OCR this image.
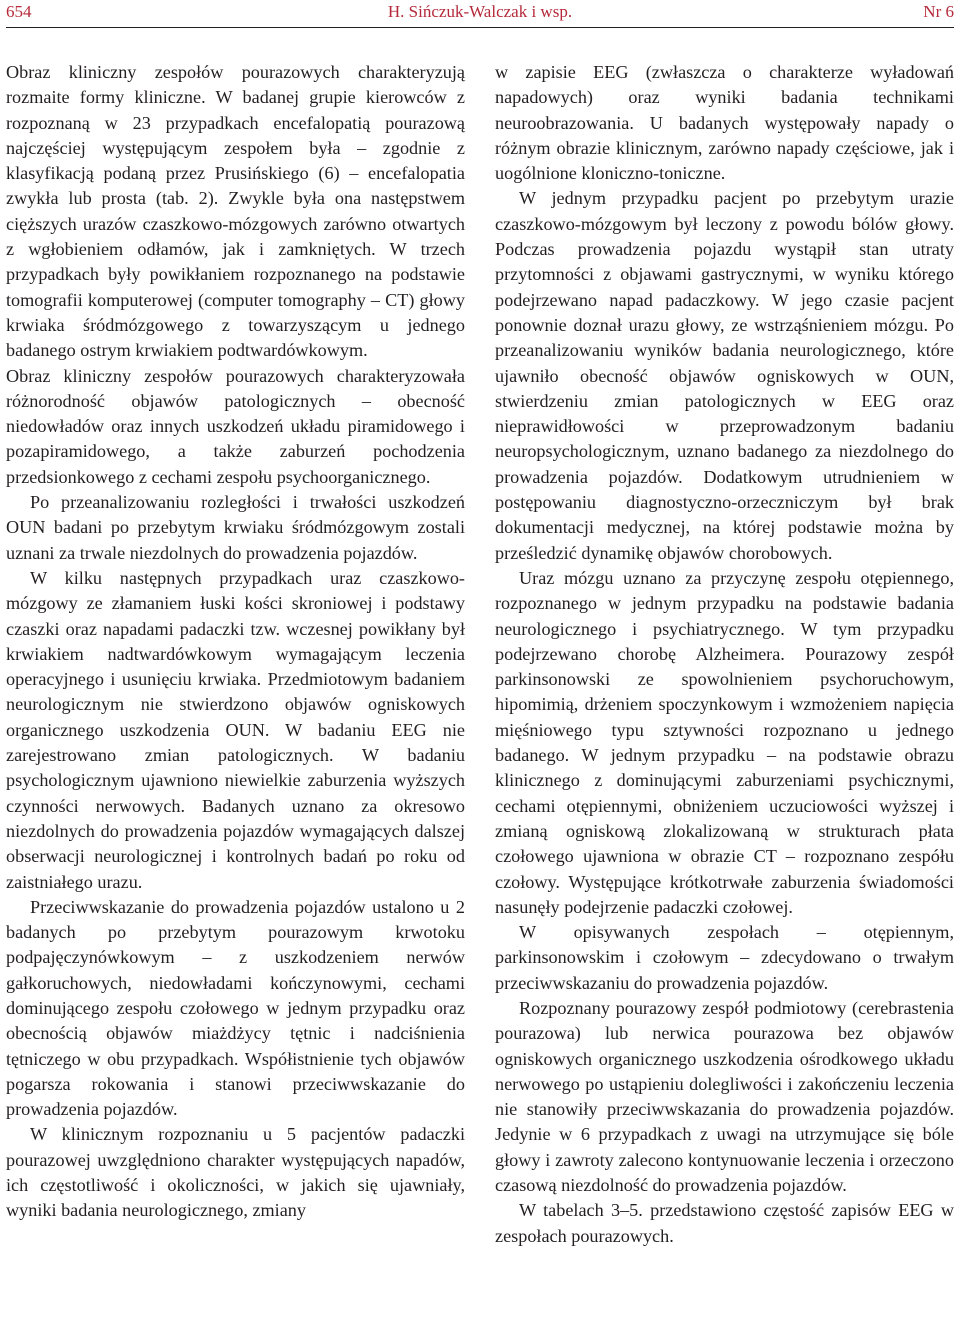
654	H. Sińczuk-Walczak i wsp.	Nr 6

Obraz kliniczny zespołów pourazowych charakteryzują rozmaite formy kliniczne. W badanej grupie kierowców z rozpoznaną w 23 przypadkach encefalopatią pourazową najczęściej występującym zespołem była – zgodnie z klasyfikacją podaną przez Prusińskiego (6) – encefalopatia zwykła lub prosta (tab. 2). Zwykle była ona następstwem cięższych urazów czaszkowo-mózgowych zarówno otwartych z wgłobieniem odłamów, jak i zamkniętych. W trzech przypadkach były powikłaniem rozpoznanego na podstawie tomografii komputerowej (computer tomography – CT) głowy krwiaka śródmózgowego z towarzyszącym u jednego badanego ostrym krwiakiem podtwardówkowym.

Obraz kliniczny zespołów pourazowych charakteryzowała różnorodność objawów patologicznych – obecność niedowładów oraz innych uszkodzeń układu piramidowego i pozapiramidowego, a także zaburzeń pochodzenia przedsionkowego z cechami zespołu psychoorganicznego.

Po przeanalizowaniu rozległości i trwałości uszkodzeń OUN badani po przebytym krwiaku śródmózgowym zostali uznani za trwale niezdolnych do prowadzenia pojazdów.

W kilku następnych przypadkach uraz czaszkowo-mózgowy ze złamaniem łuski kości skroniowej i podstawy czaszki oraz napadami padaczki tzw. wczesnej powikłany był krwiakiem nadtwardówkowym wymagającym leczenia operacyjnego i usunięciu krwiaka. Przedmiotowym badaniem neurologicznym nie stwierdzono objawów ogniskowych organicznego uszkodzenia OUN. W badaniu EEG nie zarejestrowano zmian patologicznych. W badaniu psychologicznym ujawniono niewielkie zaburzenia wyższych czynności nerwowych. Badanych uznano za okresowo niezdolnych do prowadzenia pojazdów wymagających dalszej obserwacji neurologicznej i kontrolnych badań po roku od zaistniałego urazu.

Przeciwwskazanie do prowadzenia pojazdów ustalono u 2 badanych po przebytym pourazowym krwotoku podpajęczynówkowym – z uszkodzeniem nerwów gałkoruchowych, niedowładami kończynowymi, cechami dominującego zespołu czołowego w jednym przypadku oraz obecnością objawów miażdżycy tętnic i nadciśnienia tętniczego w obu przypadkach. Współistnienie tych objawów pogarsza rokowania i stanowi przeciwwskazanie do prowadzenia pojazdów.

W klinicznym rozpoznaniu u 5 pacjentów padaczki pourazowej uwzględniono charakter występujących napadów, ich częstotliwość i okoliczności, w jakich się ujawniały, wyniki badania neurologicznego, zmiany

w zapisie EEG (zwłaszcza o charakterze wyładowań napadowych) oraz wyniki badania technikami neuroobrazowania. U badanych występowały napady o różnym obrazie klinicznym, zarówno napady częściowe, jak i uogólnione kloniczno-toniczne.

W jednym przypadku pacjent po przebytym urazie czaszkowo-mózgowym był leczony z powodu bólów głowy. Podczas prowadzenia pojazdu wystąpił stan utraty przytomności z objawami gastrycznymi, w wyniku którego podejrzewano napad padaczkowy. W jego czasie pacjent ponownie doznał urazu głowy, ze wstrząśnieniem mózgu. Po przeanalizowaniu wyników badania neurologicznego, które ujawniło obecność objawów ogniskowych w OUN, stwierdzeniu zmian patologicznych w EEG oraz nieprawidłowości w przeprowadzonym badaniu neuropsychologicznym, uznano badanego za niezdolnego do prowadzenia pojazdów. Dodatkowym utrudnieniem w postępowaniu diagnostyczno-orzeczniczym był brak dokumentacji medycznej, na której podstawie można by prześledzić dynamikę objawów chorobowych.

Uraz mózgu uznano za przyczynę zespołu otępiennego, rozpoznanego w jednym przypadku na podstawie badania neurologicznego i psychiatrycznego. W tym przypadku podejrzewano chorobę Alzheimera. Pourazowy zespół parkinsonowski ze spowolnieniem psychoruchowym, hipomimią, drżeniem spoczynkowym i wzmożeniem napięcia mięśniowego typu sztywności rozpoznano u jednego badanego. W jednym przypadku – na podstawie obrazu klinicznego z dominującymi zaburzeniami psychicznymi, cechami otępiennymi, obniżeniem uczuciowości wyższej i zmianą ogniskową zlokalizowaną w strukturach płata czołowego ujawniona w obrazie CT – rozpoznano zespółu czołowy. Występujące krótkotrwałe zaburzenia świadomości nasunęły podejrzenie padaczki czołowej.

W opisywanych zespołach – otępiennym, parkinsonowskim i czołowym – zdecydowano o trwałym przeciwwskazaniu do prowadzenia pojazdów.

Rozpoznany pourazowy zespół podmiotowy (cerebrastenia pourazowa) lub nerwica pourazowa bez objawów ogniskowych organicznego uszkodzenia ośrodkowego układu nerwowego po ustąpieniu dolegliwości i zakończeniu leczenia nie stanowiły przeciwwskazania do prowadzenia pojazdów. Jedynie w 6 przypadkach z uwagi na utrzymujące się bóle głowy i zawroty zalecono kontynuowanie leczenia i orzeczono czasową niezdolność do prowadzenia pojazdów.

W tabelach 3–5. przedstawiono częstość zapisów EEG w zespołach pourazowych.
